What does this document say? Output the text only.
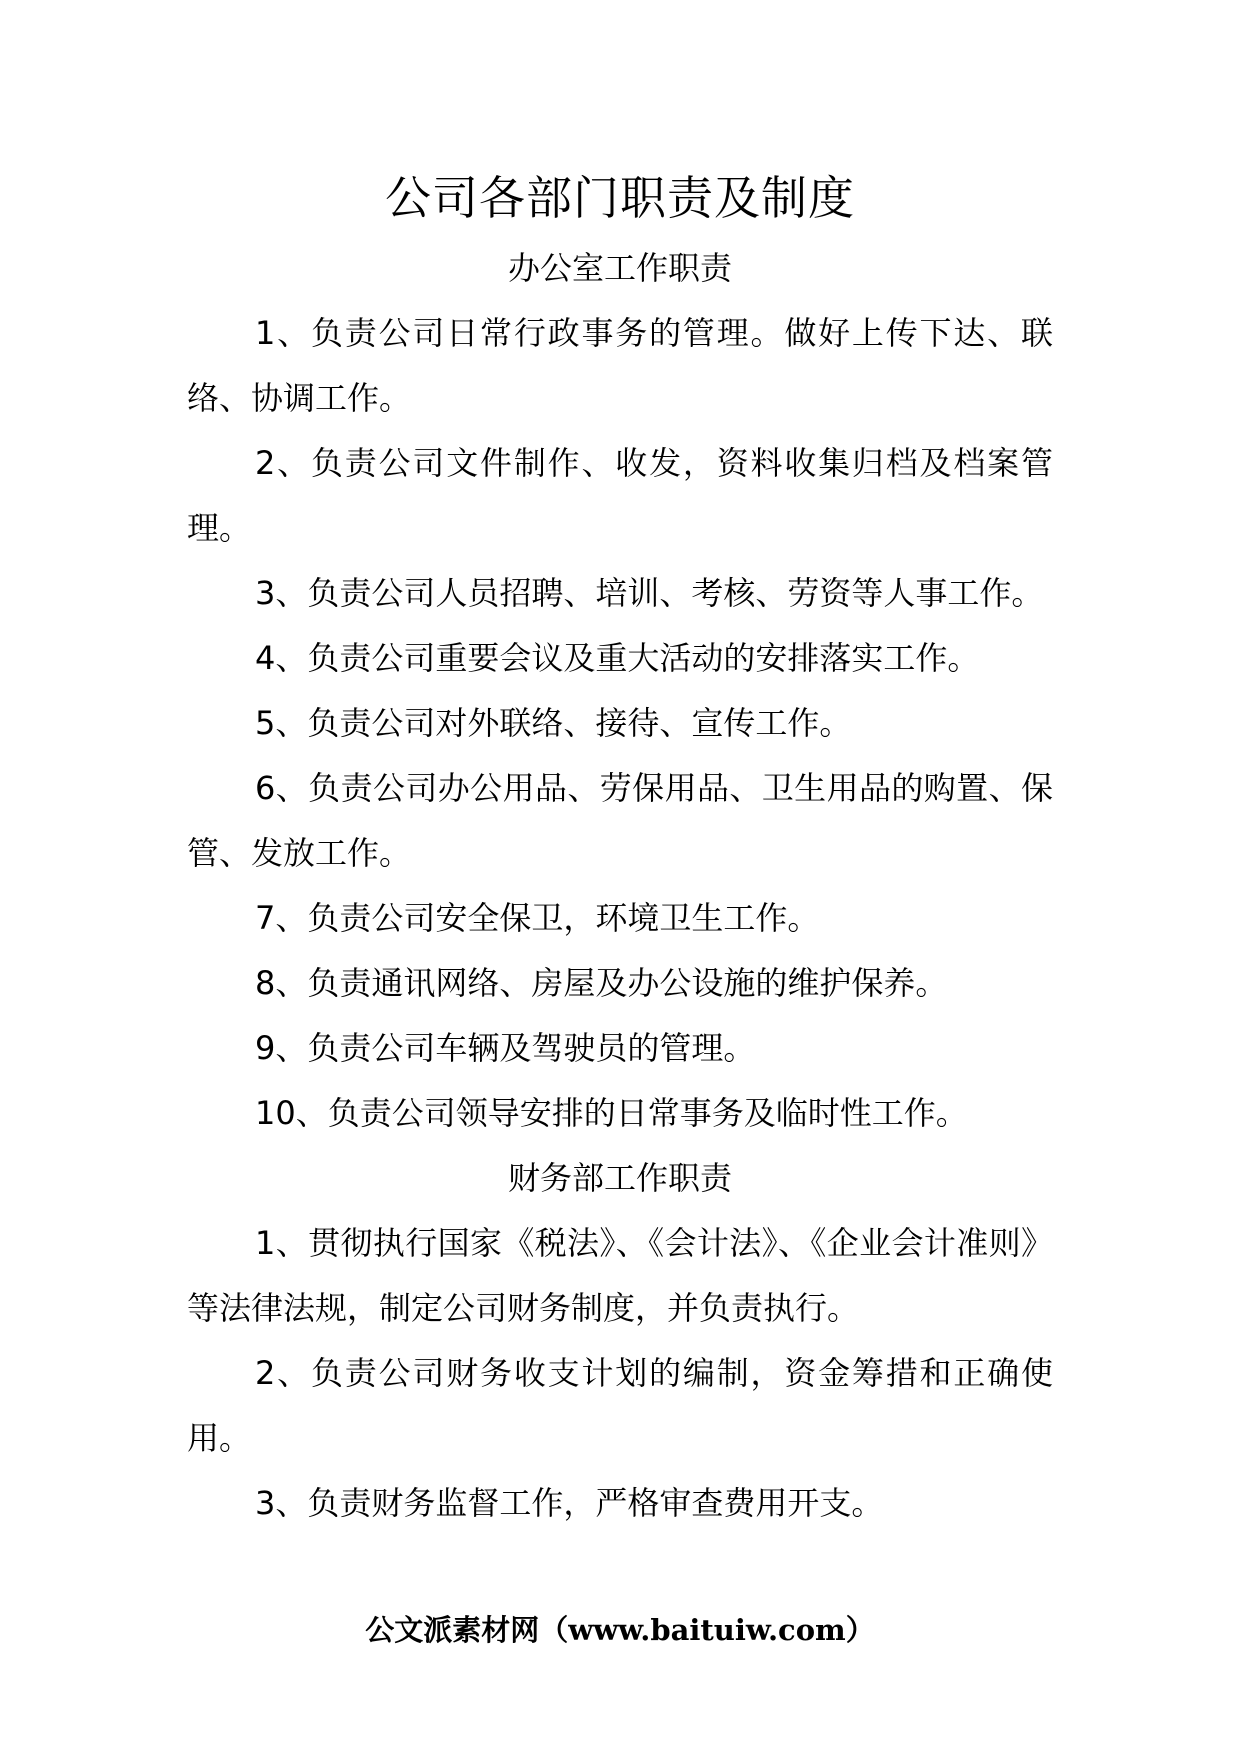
公司各部门职责及制度
办公室工作职责

1、负责公司日常行政事务的管理。做好上传下达、联络、协调工作。

2、负责公司文件制作、收发，资料收集归档及档案管理。

3、负责公司人员招聘、培训、考核、劳资等人事工作。

4、负责公司重要会议及重大活动的安排落实工作。

5、负责公司对外联络、接待、宣传工作。

6、负责公司办公用品、劳保用品、卫生用品的购置、保管、发放工作。

7、负责公司安全保卫，环境卫生工作。

8、负责通讯网络、房屋及办公设施的维护保养。

9、负责公司车辆及驾驶员的管理。

10、负责公司领导安排的日常事务及临时性工作。

财务部工作职责

1、贯彻执行国家《税法》、《会计法》、《企业会计准则》等法律法规，制定公司财务制度，并负责执行。

2、负责公司财务收支计划的编制，资金筹措和正确使用。

3、负责财务监督工作，严格审查费用开支。

公文派素材网（www.baituiw.com）
